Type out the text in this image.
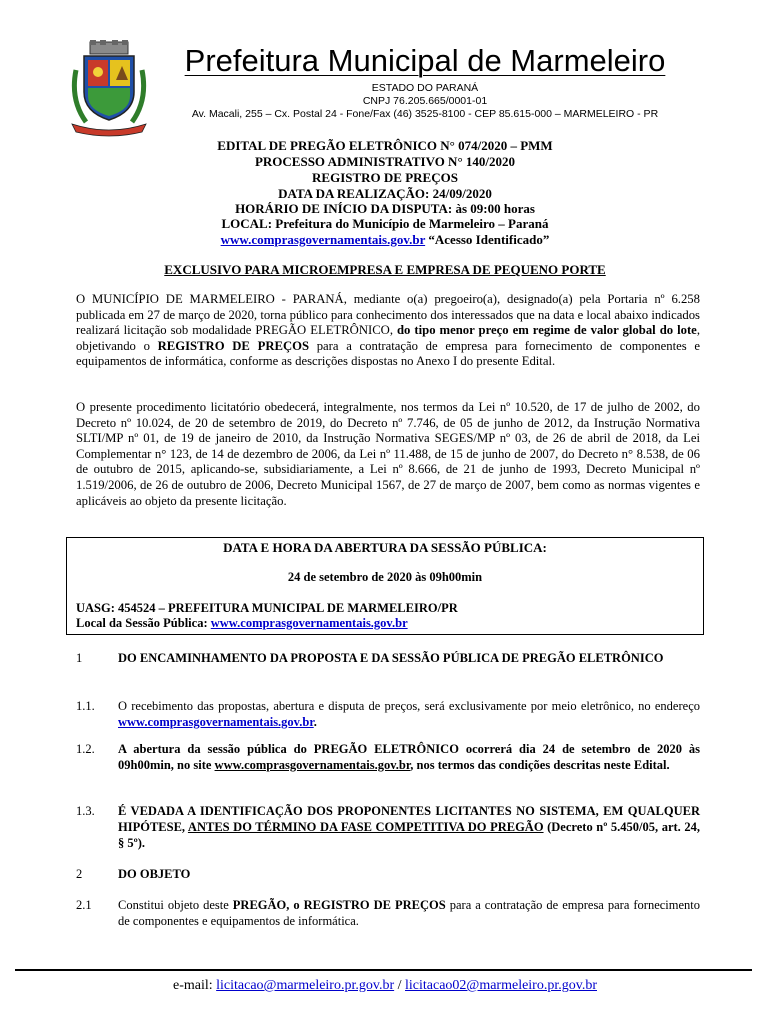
Prefeitura Municipal de Marmeleiro
ESTADO DO PARANÁ
CNPJ 76.205.665/0001-01
Av. Macali, 255 – Cx. Postal 24 - Fone/Fax (46) 3525-8100 - CEP 85.615-000 – MARMELEIRO - PR
EDITAL DE PREGÃO ELETRÔNICO N° 074/2020 – PMM
PROCESSO ADMINISTRATIVO N° 140/2020
REGISTRO DE PREÇOS
DATA DA REALIZAÇÃO: 24/09/2020
HORÁRIO DE INÍCIO DA DISPUTA: às 09:00 horas
LOCAL: Prefeitura do Município de Marmeleiro – Paraná
www.comprasgovernamentais.gov.br “Acesso Identificado”
EXCLUSIVO PARA MICROEMPRESA E EMPRESA DE PEQUENO PORTE
O MUNICÍPIO DE MARMELEIRO - PARANÁ, mediante o(a) pregoeiro(a), designado(a) pela Portaria nº 6.258 publicada em 27 de março de 2020, torna público para conhecimento dos interessados que na data e local abaixo indicados realizará licitação sob modalidade PREGÃO ELETRÔNICO, do tipo menor preço em regime de valor global do lote, objetivando o REGISTRO DE PREÇOS para a contratação de empresa para fornecimento de componentes e equipamentos de informática, conforme as descrições dispostas no Anexo I do presente Edital.
O presente procedimento licitatório obedecerá, integralmente, nos termos da Lei nº 10.520, de 17 de julho de 2002, do Decreto nº 10.024, de 20 de setembro de 2019, do Decreto nº 7.746, de 05 de junho de 2012, da Instrução Normativa SLTI/MP nº 01, de 19 de janeiro de 2010, da Instrução Normativa SEGES/MP nº 03, de 26 de abril de 2018, da Lei Complementar n° 123, de 14 de dezembro de 2006, da Lei nº 11.488, de 15 de junho de 2007, do Decreto n° 8.538, de 06 de outubro de 2015, aplicando-se, subsidiariamente, a Lei nº 8.666, de 21 de junho de 1993, Decreto Municipal nº 1.519/2006, de 26 de outubro de 2006, Decreto Municipal 1567, de 27 de março de 2007, bem como as normas vigentes e aplicáveis ao objeto da presente licitação.
DATA E HORA DA ABERTURA DA SESSÃO PÚBLICA:
24 de setembro de 2020 às 09h00min
UASG: 454524 – PREFEITURA MUNICIPAL DE MARMELEIRO/PR
Local da Sessão Pública: www.comprasgovernamentais.gov.br
1	DO ENCAMINHAMENTO DA PROPOSTA E DA SESSÃO PÚBLICA DE PREGÃO ELETRÔNICO
1.1. O recebimento das propostas, abertura e disputa de preços, será exclusivamente por meio eletrônico, no endereço www.comprasgovernamentais.gov.br.
1.2. A abertura da sessão pública do PREGÃO ELETRÔNICO ocorrerá dia 24 de setembro de 2020 às 09h00min, no site www.comprasgovernamentais.gov.br, nos termos das condições descritas neste Edital.
1.3. É VEDADA A IDENTIFICAÇÃO DOS PROPONENTES LICITANTES NO SISTEMA, EM QUALQUER HIPÓTESE, ANTES DO TÉRMINO DA FASE COMPETITIVA DO PREGÃO (Decreto nº 5.450/05, art. 24, § 5º).
2	DO OBJETO
2.1 Constitui objeto deste PREGÃO, o REGISTRO DE PREÇOS para a contratação de empresa para fornecimento de componentes e equipamentos de informática.
e-mail: licitacao@marmeleiro.pr.gov.br / licitacao02@marmeleiro.pr.gov.br
